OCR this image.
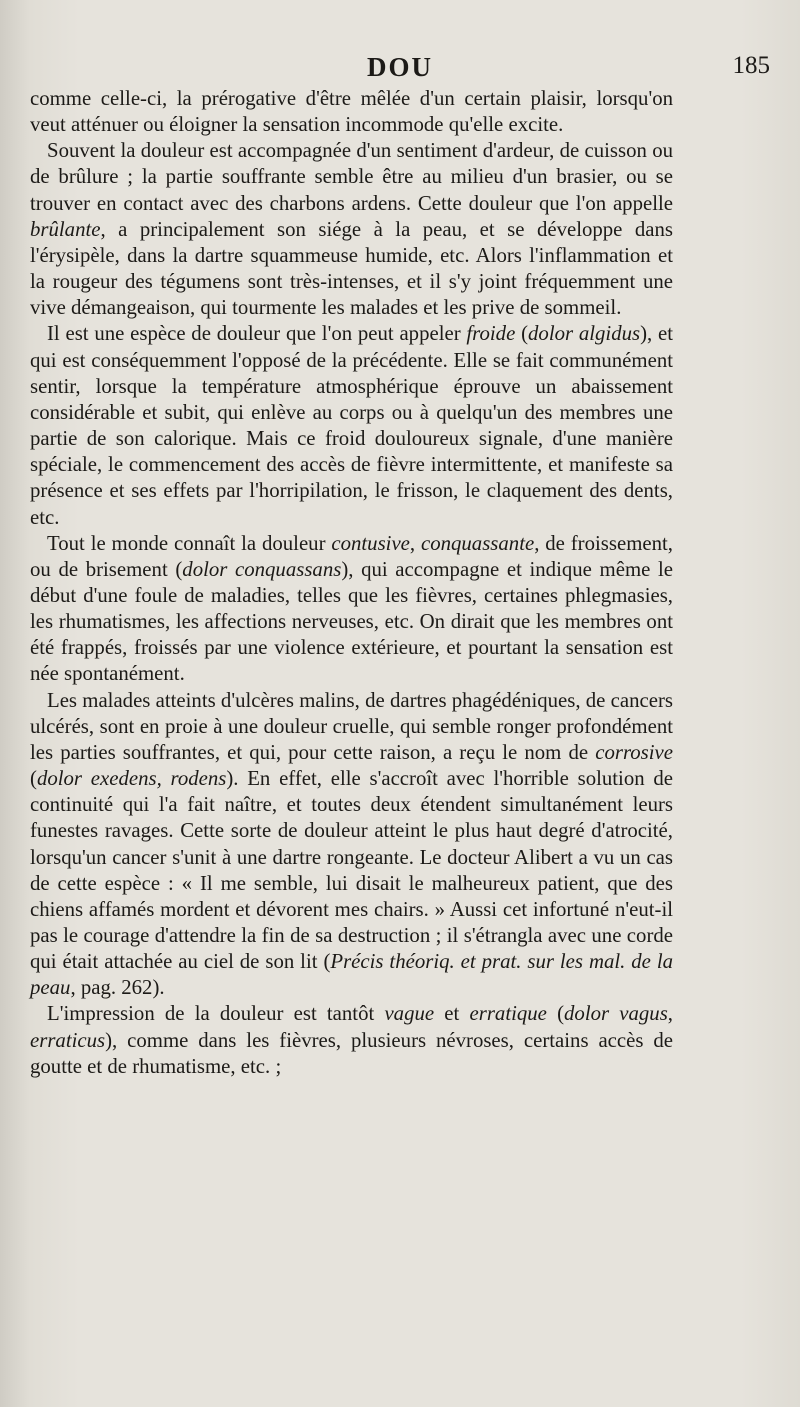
DOU	185

comme celle-ci, la prérogative d'être mêlée d'un certain plaisir, lorsqu'on veut atténuer ou éloigner la sensation incommode qu'elle excite.

Souvent la douleur est accompagnée d'un sentiment d'ardeur, de cuisson ou de brûlure ; la partie souffrante semble être au milieu d'un brasier, ou se trouver en contact avec des charbons ardens. Cette douleur que l'on appelle brûlante, a principalement son siége à la peau, et se développe dans l'érysipèle, dans la dartre squammeuse humide, etc. Alors l'inflammation et la rougeur des tégumens sont très-intenses, et il s'y joint fréquemment une vive démangeaison, qui tourmente les malades et les prive de sommeil.

Il est une espèce de douleur que l'on peut appeler froide (dolor algidus), et qui est conséquemment l'opposé de la précédente. Elle se fait communément sentir, lorsque la température atmosphérique éprouve un abaissement considérable et subit, qui enlève au corps ou à quelqu'un des membres une partie de son calorique. Mais ce froid douloureux signale, d'une manière spéciale, le commencement des accès de fièvre intermittente, et manifeste sa présence et ses effets par l'horripilation, le frisson, le claquement des dents, etc.

Tout le monde connaît la douleur contusive, conquassante, de froissement, ou de brisement (dolor conquassans), qui accompagne et indique même le début d'une foule de maladies, telles que les fièvres, certaines phlegmasies, les rhumatismes, les affections nerveuses, etc. On dirait que les membres ont été frappés, froissés par une violence extérieure, et pourtant la sensation est née spontanément.

Les malades atteints d'ulcères malins, de dartres phagédéniques, de cancers ulcérés, sont en proie à une douleur cruelle, qui semble ronger profondément les parties souffrantes, et qui, pour cette raison, a reçu le nom de corrosive (dolor exedens, rodens). En effet, elle s'accroît avec l'horrible solution de continuité qui l'a fait naître, et toutes deux étendent simultanément leurs funestes ravages. Cette sorte de douleur atteint le plus haut degré d'atrocité, lorsqu'un cancer s'unit à une dartre rongeante. Le docteur Alibert a vu un cas de cette espèce : « Il me semble, lui disait le malheureux patient, que des chiens affamés mordent et dévorent mes chairs. » Aussi cet infortuné n'eut-il pas le courage d'attendre la fin de sa destruction ; il s'étrangla avec une corde qui était attachée au ciel de son lit (Précis théoriq. et prat. sur les mal. de la peau, pag. 262).

L'impression de la douleur est tantôt vague et erratique (dolor vagus, erraticus), comme dans les fièvres, plusieurs névroses, certains accès de goutte et de rhumatisme, etc. ;
